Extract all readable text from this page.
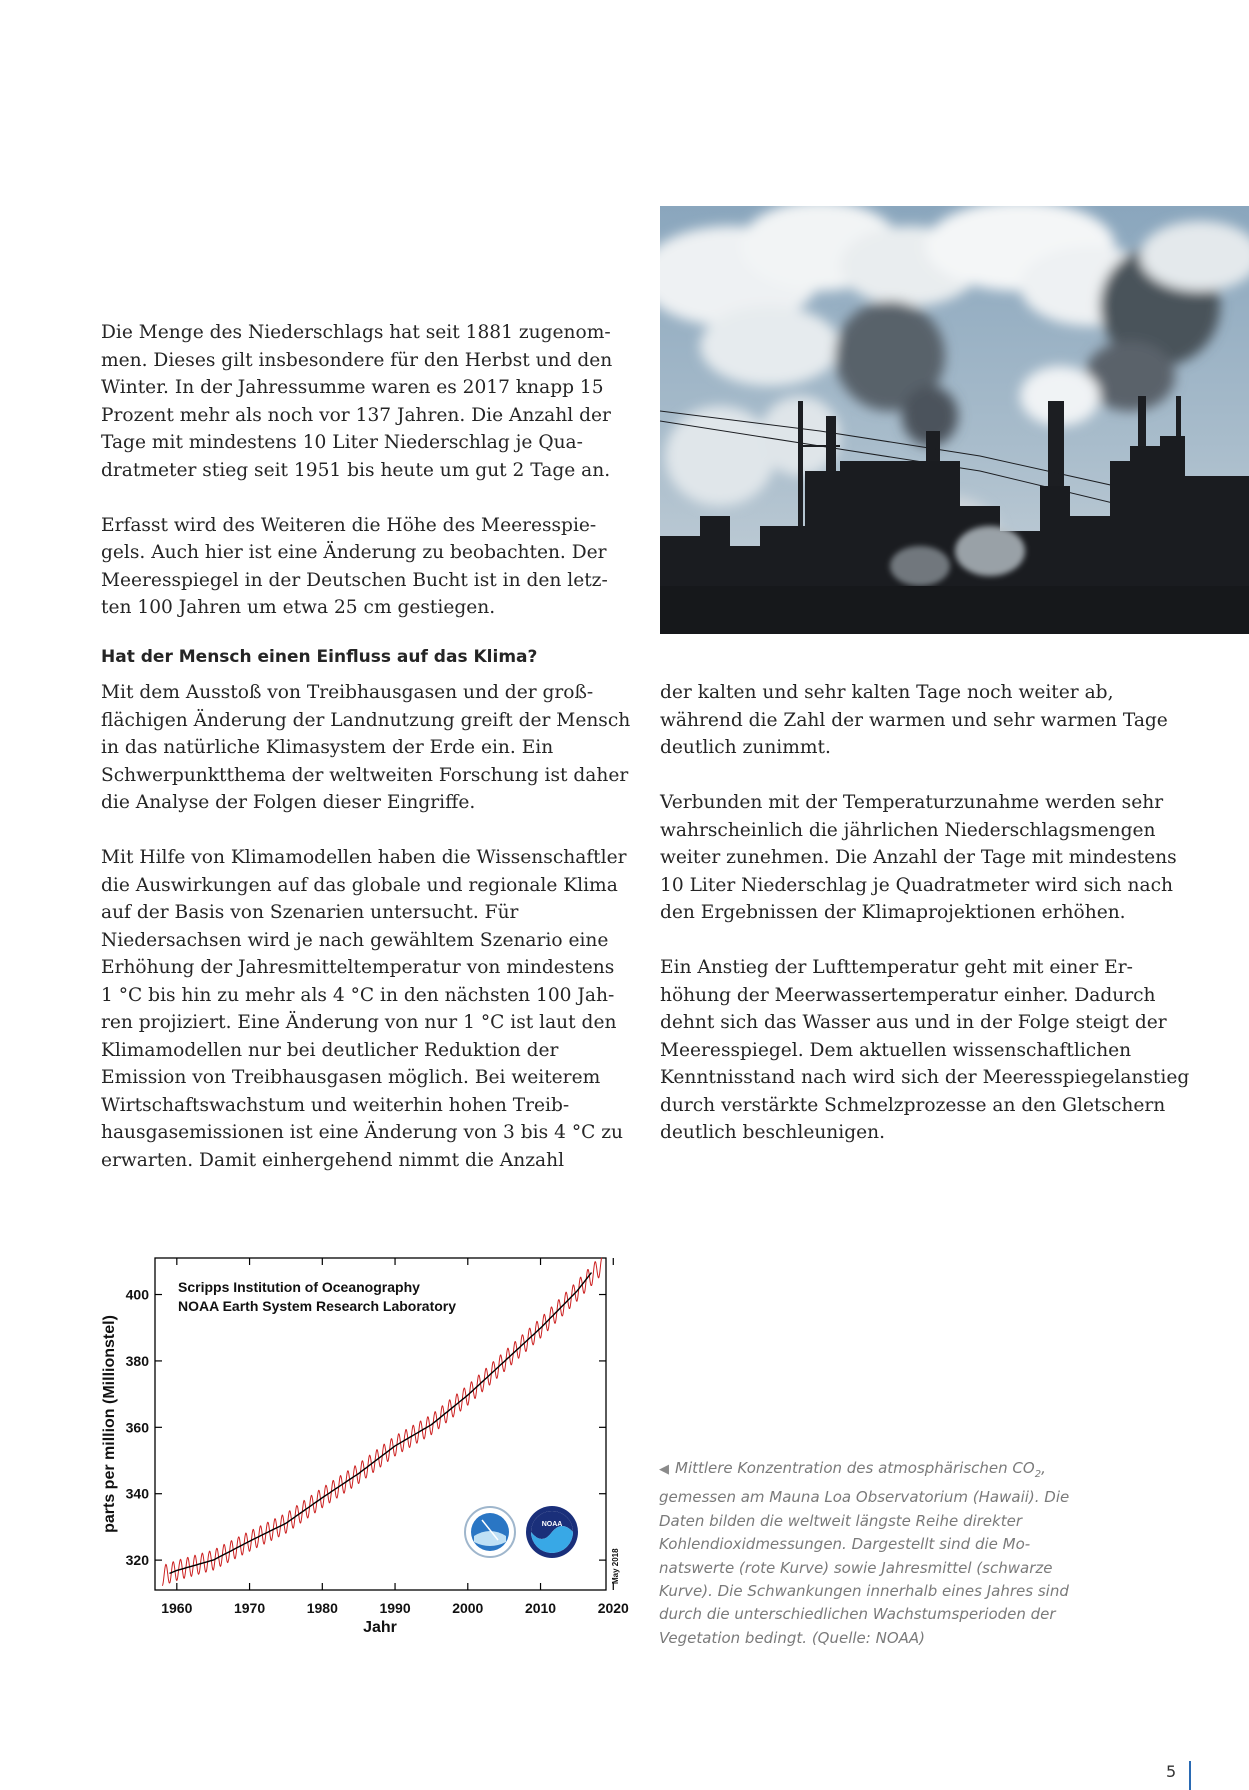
Die Menge des Niederschlags hat seit 1881 zugenommen. Dieses gilt insbesondere für den Herbst und den Winter. In der Jahressumme waren es 2017 knapp 15 Prozent mehr als noch vor 137 Jahren. Die Anzahl der Tage mit mindestens 10 Liter Niederschlag je Quadratmeter stieg seit 1951 bis heute um gut 2 Tage an.

Erfasst wird des Weiteren die Höhe des Meeresspiegels. Auch hier ist eine Änderung zu beobachten. Der Meeresspiegel in der Deutschen Bucht ist in den letzten 100 Jahren um etwa 25 cm gestiegen.

Hat der Mensch einen Einfluss auf das Klima?

Mit dem Ausstoß von Treibhausgasen und der großflächigen Änderung der Landnutzung greift der Mensch in das natürliche Klimasystem der Erde ein. Ein Schwerpunktthema der weltweiten Forschung ist daher die Analyse der Folgen dieser Eingriffe.

Mit Hilfe von Klimamodellen haben die Wissenschaftler die Auswirkungen auf das globale und regionale Klima auf der Basis von Szenarien untersucht. Für Niedersachsen wird je nach gewähltem Szenario eine Erhöhung der Jahresmitteltemperatur von mindestens 1 °C bis hin zu mehr als 4 °C in den nächsten 100 Jahren projiziert. Eine Änderung von nur 1 °C ist laut den Klimamodellen nur bei deutlicher Reduktion der Emission von Treibhausgasen möglich. Bei weiterem Wirtschaftswachstum und weiterhin hohen Treibhausgasemissionen ist eine Änderung von 3 bis 4 °C zu erwarten. Damit einhergehend nimmt die Anzahl

der kalten und sehr kalten Tage noch weiter ab, während die Zahl der warmen und sehr warmen Tage deutlich zunimmt.

Verbunden mit der Temperaturzunahme werden sehr wahrscheinlich die jährlichen Niederschlagsmengen weiter zunehmen. Die Anzahl der Tage mit mindestens 10 Liter Niederschlag je Quadratmeter wird sich nach den Ergebnissen der Klimaprojektionen erhöhen.

Ein Anstieg der Lufttemperatur geht mit einer Erhöhung der Meerwassertemperatur einher. Dadurch dehnt sich das Wasser aus und in der Folge steigt der Meeresspiegel. Dem aktuellen wissenschaftlichen Kenntnisstand nach wird sich der Meeresspiegelanstieg durch verstärkte Schmelzprozesse an den Gletschern deutlich beschleunigen.

1960	1970	1980	1990	2000	2010	2020
320
340
360
380
400 Scripps Institution of Oceanography
NOAA Earth System Research Laboratory
parts per million (Millionstel)
Jahr
May 2018
NOAA
◀ Mittlere Konzentration des atmosphärischen $CO_2$, gemessen am Mauna Loa Observatorium (Hawaii). Die Daten bilden die weltweit längste Reihe direkter Kohlendioxidmessungen. Dargestellt sind die Monatswerte (rote Kurve) sowie Jahresmittel (schwarze Kurve). Die Schwankungen innerhalb eines Jahres sind durch die unterschiedlichen Wachstumsperioden der Vegetation bedingt. (Quelle: NOAA)
5
